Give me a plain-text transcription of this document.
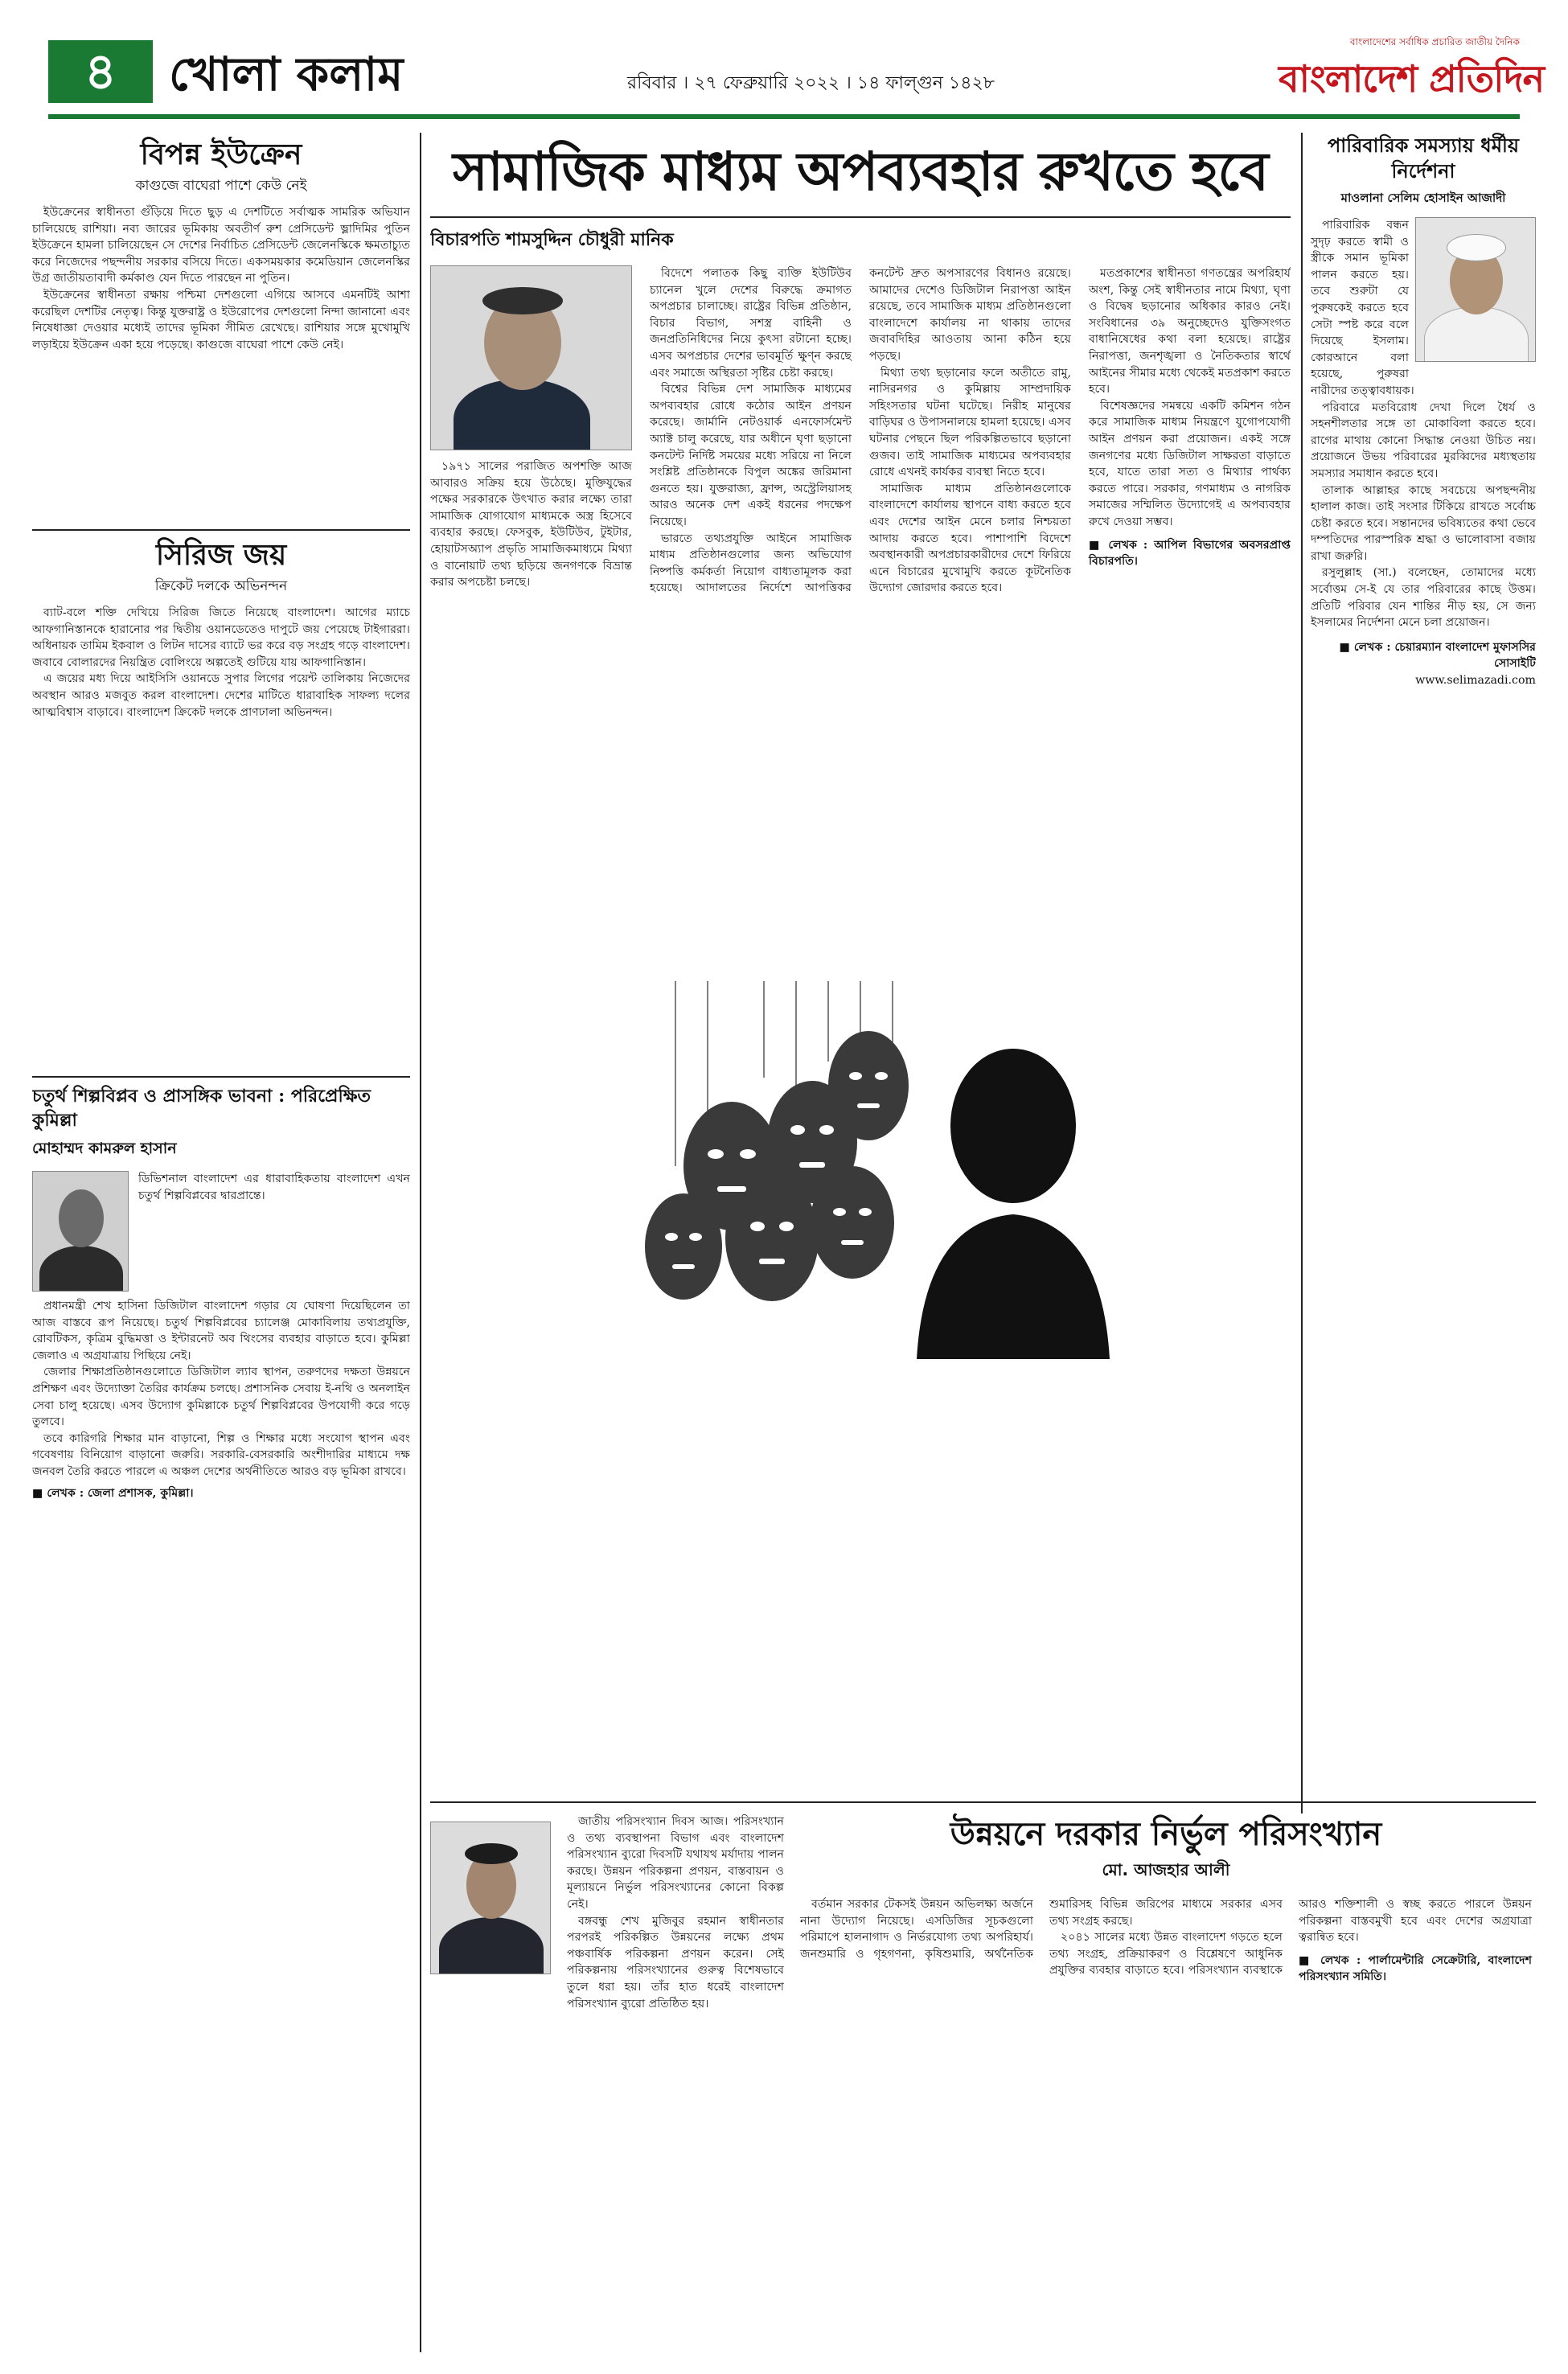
৪	খোলা কলাম	রবিবার । ২৭ ফেব্রুয়ারি ২০২২ । ১৪ ফাল্গুন ১৪২৮
বাংলাদেশের সর্বাধিক প্রচারিত জাতীয় দৈনিক
বাংলাদেশ প্রতিদিন
বিপন্ন ইউক্রেন
কাগুজে বাঘেরা পাশে কেউ নেই

ইউক্রেনের স্বাধীনতা গুঁড়িয়ে দিতে ছুড় এ দেশটিতে সর্বাত্মক সামরিক অভিযান চালিয়েছে রাশিয়া। নব্য জারের ভূমিকায় অবতীর্ণ রুশ প্রেসিডেন্ট ভ্লাদিমির পুতিন ইউক্রেনে হামলা চালিয়েছেন সে দেশের নির্বাচিত প্রেসিডেন্ট জেলেনস্কিকে ক্ষমতাচ্যুত করে নিজেদের পছন্দনীয় সরকার বসিয়ে দিতে। একসময়কার কমেডিয়ান জেলেনস্কির উগ্র জাতীয়তাবাদী কর্মকাণ্ড যেন দিতে পারছেন না পুতিন।

ইউক্রেনের স্বাধীনতা রক্ষায় পশ্চিমা দেশগুলো এগিয়ে আসবে এমনটিই আশা করেছিল দেশটির নেতৃত্ব। কিন্তু যুক্তরাষ্ট্র ও ইউরোপের দেশগুলো নিন্দা জানানো এবং নিষেধাজ্ঞা দেওয়ার মধ্যেই তাদের ভূমিকা সীমিত রেখেছে। রাশিয়ার সঙ্গে মুখোমুখি লড়াইয়ে ইউক্রেন একা হয়ে পড়েছে। কাগুজে বাঘেরা পাশে কেউ নেই।

সিরিজ জয়
ক্রিকেট দলকে অভিনন্দন

ব্যাট-বলে শক্তি দেখিয়ে সিরিজ জিতে নিয়েছে বাংলাদেশ। আগের ম্যাচে আফগানিস্তানকে হারানোর পর দ্বিতীয় ওয়ানডেতেও দাপুটে জয় পেয়েছে টাইগাররা। অধিনায়ক তামিম ইকবাল ও লিটন দাসের ব্যাটে ভর করে বড় সংগ্রহ গড়ে বাংলাদেশ। জবাবে বোলারদের নিয়ন্ত্রিত বোলিংয়ে অল্পতেই গুটিয়ে যায় আফগানিস্তান।

এ জয়ের মধ্য দিয়ে আইসিসি ওয়ানডে সুপার লিগের পয়েন্ট তালিকায় নিজেদের অবস্থান আরও মজবুত করল বাংলাদেশ। দেশের মাটিতে ধারাবাহিক সাফল্য দলের আত্মবিশ্বাস বাড়াবে। বাংলাদেশ ক্রিকেট দলকে প্রাণঢালা অভিনন্দন।

চতুর্থ শিল্পবিপ্লব ও প্রাসঙ্গিক ভাবনা : পরিপ্রেক্ষিত কুমিল্লা
মোহাম্মদ কামরুল হাসান
ডিভিশনাল বাংলাদেশ এর ধারাবাহিকতায় বাংলাদেশ এখন চতুর্থ শিল্পবিপ্লবের দ্বারপ্রান্তে।

প্রধানমন্ত্রী শেখ হাসিনা ডিজিটাল বাংলাদেশ গড়ার যে ঘোষণা দিয়েছিলেন তা আজ বাস্তবে রূপ নিয়েছে। চতুর্থ শিল্পবিপ্লবের চ্যালেঞ্জ মোকাবিলায় তথ্যপ্রযুক্তি, রোবটিকস, কৃত্রিম বুদ্ধিমত্তা ও ইন্টারনেট অব থিংসের ব্যবহার বাড়াতে হবে। কুমিল্লা জেলাও এ অগ্রযাত্রায় পিছিয়ে নেই।

জেলার শিক্ষাপ্রতিষ্ঠানগুলোতে ডিজিটাল ল্যাব স্থাপন, তরুণদের দক্ষতা উন্নয়নে প্রশিক্ষণ এবং উদ্যোক্তা তৈরির কার্যক্রম চলছে। প্রশাসনিক সেবায় ই-নথি ও অনলাইন সেবা চালু হয়েছে। এসব উদ্যোগ কুমিল্লাকে চতুর্থ শিল্পবিপ্লবের উপযোগী করে গড়ে তুলবে।

তবে কারিগরি শিক্ষার মান বাড়ানো, শিল্প ও শিক্ষার মধ্যে সংযোগ স্থাপন এবং গবেষণায় বিনিয়োগ বাড়ানো জরুরি। সরকারি-বেসরকারি অংশীদারির মাধ্যমে দক্ষ জনবল তৈরি করতে পারলে এ অঞ্চল দেশের অর্থনীতিতে আরও বড় ভূমিকা রাখবে।

■ লেখক : জেলা প্রশাসক, কুমিল্লা।

সামাজিক মাধ্যম অপব্যবহার রুখতে হবে
বিচারপতি শামসুদ্দিন চৌধুরী মানিক

১৯৭১ সালের পরাজিত অপশক্তি আজ আবারও সক্রিয় হয়ে উঠেছে। মুক্তিযুদ্ধের পক্ষের সরকারকে উৎখাত করার লক্ষ্যে তারা সামাজিক যোগাযোগ মাধ্যমকে অস্ত্র হিসেবে ব্যবহার করছে। ফেসবুক, ইউটিউব, টুইটার, হোয়াটসঅ্যাপ প্রভৃতি সামাজিকমাধ্যমে মিথ্যা ও বানোয়াট তথ্য ছড়িয়ে জনগণকে বিভ্রান্ত করার অপচেষ্টা চলছে।

বিদেশে পলাতক কিছু ব্যক্তি ইউটিউব চ্যানেল খুলে দেশের বিরুদ্ধে ক্রমাগত অপপ্রচার চালাচ্ছে। রাষ্ট্রের বিভিন্ন প্রতিষ্ঠান, বিচার বিভাগ, সশস্ত্র বাহিনী ও জনপ্রতিনিধিদের নিয়ে কুৎসা রটানো হচ্ছে। এসব অপপ্রচার দেশের ভাবমূর্তি ক্ষুণ্ন করছে এবং সমাজে অস্থিরতা সৃষ্টির চেষ্টা করছে।

বিশ্বের বিভিন্ন দেশ সামাজিক মাধ্যমের অপব্যবহার রোধে কঠোর আইন প্রণয়ন করেছে। জার্মানি নেটওয়ার্ক এনফোর্সমেন্ট অ্যাক্ট চালু করেছে, যার অধীনে ঘৃণা ছড়ানো কনটেন্ট নির্দিষ্ট সময়ের মধ্যে সরিয়ে না নিলে সংশ্লিষ্ট প্রতিষ্ঠানকে বিপুল অঙ্কের জরিমানা গুনতে হয়। যুক্তরাজ্য, ফ্রান্স, অস্ট্রেলিয়াসহ আরও অনেক দেশ একই ধরনের পদক্ষেপ নিয়েছে।

ভারতে তথ্যপ্রযুক্তি আইনে সামাজিক মাধ্যম প্রতিষ্ঠানগুলোর জন্য অভিযোগ নিষ্পত্তি কর্মকর্তা নিয়োগ বাধ্যতামূলক করা হয়েছে। আদালতের নির্দেশে আপত্তিকর কনটেন্ট দ্রুত অপসারণের বিধানও রয়েছে। আমাদের দেশেও ডিজিটাল নিরাপত্তা আইন রয়েছে, তবে সামাজিক মাধ্যম প্রতিষ্ঠানগুলো বাংলাদেশে কার্যালয় না থাকায় তাদের জবাবদিহির আওতায় আনা কঠিন হয়ে পড়ছে।

মিথ্যা তথ্য ছড়ানোর ফলে অতীতে রামু, নাসিরনগর ও কুমিল্লায় সাম্প্রদায়িক সহিংসতার ঘটনা ঘটেছে। নিরীহ মানুষের বাড়িঘর ও উপাসনালয়ে হামলা হয়েছে। এসব ঘটনার পেছনে ছিল পরিকল্পিতভাবে ছড়ানো গুজব। তাই সামাজিক মাধ্যমের অপব্যবহার রোধে এখনই কার্যকর ব্যবস্থা নিতে হবে।

সামাজিক মাধ্যম প্রতিষ্ঠানগুলোকে বাংলাদেশে কার্যালয় স্থাপনে বাধ্য করতে হবে এবং দেশের আইন মেনে চলার নিশ্চয়তা আদায় করতে হবে। পাশাপাশি বিদেশে অবস্থানকারী অপপ্রচারকারীদের দেশে ফিরিয়ে এনে বিচারের মুখোমুখি করতে কূটনৈতিক উদ্যোগ জোরদার করতে হবে।

মতপ্রকাশের স্বাধীনতা গণতন্ত্রের অপরিহার্য অংশ, কিন্তু সেই স্বাধীনতার নামে মিথ্যা, ঘৃণা ও বিদ্বেষ ছড়ানোর অধিকার কারও নেই। সংবিধানের ৩৯ অনুচ্ছেদেও যুক্তিসংগত বাধানিষেধের কথা বলা হয়েছে। রাষ্ট্রের নিরাপত্তা, জনশৃঙ্খলা ও নৈতিকতার স্বার্থে আইনের সীমার মধ্যে থেকেই মতপ্রকাশ করতে হবে।

বিশেষজ্ঞদের সমন্বয়ে একটি কমিশন গঠন করে সামাজিক মাধ্যম নিয়ন্ত্রণে যুগোপযোগী আইন প্রণয়ন করা প্রয়োজন। একই সঙ্গে জনগণের মধ্যে ডিজিটাল সাক্ষরতা বাড়াতে হবে, যাতে তারা সত্য ও মিথ্যার পার্থক্য করতে পারে। সরকার, গণমাধ্যম ও নাগরিক সমাজের সম্মিলিত উদ্যোগেই এ অপব্যবহার রুখে দেওয়া সম্ভব।

■ লেখক : আপিল বিভাগের অবসরপ্রাপ্ত বিচারপতি।

পারিবারিক সমস্যায় ধর্মীয় নির্দেশনা
মাওলানা সেলিম হোসাইন আজাদী

পারিবারিক বন্ধন সুদৃঢ় করতে স্বামী ও স্ত্রীকে সমান ভূমিকা পালন করতে হয়। তবে শুরুটা যে পুরুষকেই করতে হবে সেটা স্পষ্ট করে বলে দিয়েছে ইসলাম। কোরআনে বলা হয়েছে, পুরুষরা নারীদের তত্ত্বাবধায়ক।

পরিবারে মতবিরোধ দেখা দিলে ধৈর্য ও সহনশীলতার সঙ্গে তা মোকাবিলা করতে হবে। রাগের মাথায় কোনো সিদ্ধান্ত নেওয়া উচিত নয়। প্রয়োজনে উভয় পরিবারের মুরব্বিদের মধ্যস্থতায় সমস্যার সমাধান করতে হবে।

তালাক আল্লাহর কাছে সবচেয়ে অপছন্দনীয় হালাল কাজ। তাই সংসার টিকিয়ে রাখতে সর্বোচ্চ চেষ্টা করতে হবে। সন্তানদের ভবিষ্যতের কথা ভেবে দম্পতিদের পারস্পরিক শ্রদ্ধা ও ভালোবাসা বজায় রাখা জরুরি।

রসুলুল্লাহ (সা.) বলেছেন, তোমাদের মধ্যে সর্বোত্তম সে-ই যে তার পরিবারের কাছে উত্তম। প্রতিটি পরিবার যেন শান্তির নীড় হয়, সে জন্য ইসলামের নির্দেশনা মেনে চলা প্রয়োজন।

■ লেখক : চেয়ারম্যান বাংলাদেশ মুফাসসির সোসাইটি

www.selimazadi.com

জাতীয় পরিসংখ্যান দিবস আজ। পরিসংখ্যান ও তথ্য ব্যবস্থাপনা বিভাগ এবং বাংলাদেশ পরিসংখ্যান ব্যুরো দিবসটি যথাযথ মর্যাদায় পালন করছে। উন্নয়ন পরিকল্পনা প্রণয়ন, বাস্তবায়ন ও মূল্যায়নে নির্ভুল পরিসংখ্যানের কোনো বিকল্প নেই।

বঙ্গবন্ধু শেখ মুজিবুর রহমান স্বাধীনতার পরপরই পরিকল্পিত উন্নয়নের লক্ষ্যে প্রথম পঞ্চবার্ষিক পরিকল্পনা প্রণয়ন করেন। সেই পরিকল্পনায় পরিসংখ্যানের গুরুত্ব বিশেষভাবে তুলে ধরা হয়। তাঁর হাত ধরেই বাংলাদেশ পরিসংখ্যান ব্যুরো প্রতিষ্ঠিত হয়।

উন্নয়নে দরকার নির্ভুল পরিসংখ্যান
মো. আজহার আলী

বর্তমান সরকার টেকসই উন্নয়ন অভিলক্ষ্য অর্জনে নানা উদ্যোগ নিয়েছে। এসডিজির সূচকগুলো পরিমাপে হালনাগাদ ও নির্ভরযোগ্য তথ্য অপরিহার্য। জনশুমারি ও গৃহগণনা, কৃষিশুমারি, অর্থনৈতিক শুমারিসহ বিভিন্ন জরিপের মাধ্যমে সরকার এসব তথ্য সংগ্রহ করছে।

২০৪১ সালের মধ্যে উন্নত বাংলাদেশ গড়তে হলে তথ্য সংগ্রহ, প্রক্রিয়াকরণ ও বিশ্লেষণে আধুনিক প্রযুক্তির ব্যবহার বাড়াতে হবে। পরিসংখ্যান ব্যবস্থাকে আরও শক্তিশালী ও স্বচ্ছ করতে পারলে উন্নয়ন পরিকল্পনা বাস্তবমুখী হবে এবং দেশের অগ্রযাত্রা ত্বরান্বিত হবে।

■ লেখক : পার্লামেন্টারি সেক্রেটারি, বাংলাদেশ পরিসংখ্যান সমিতি।
